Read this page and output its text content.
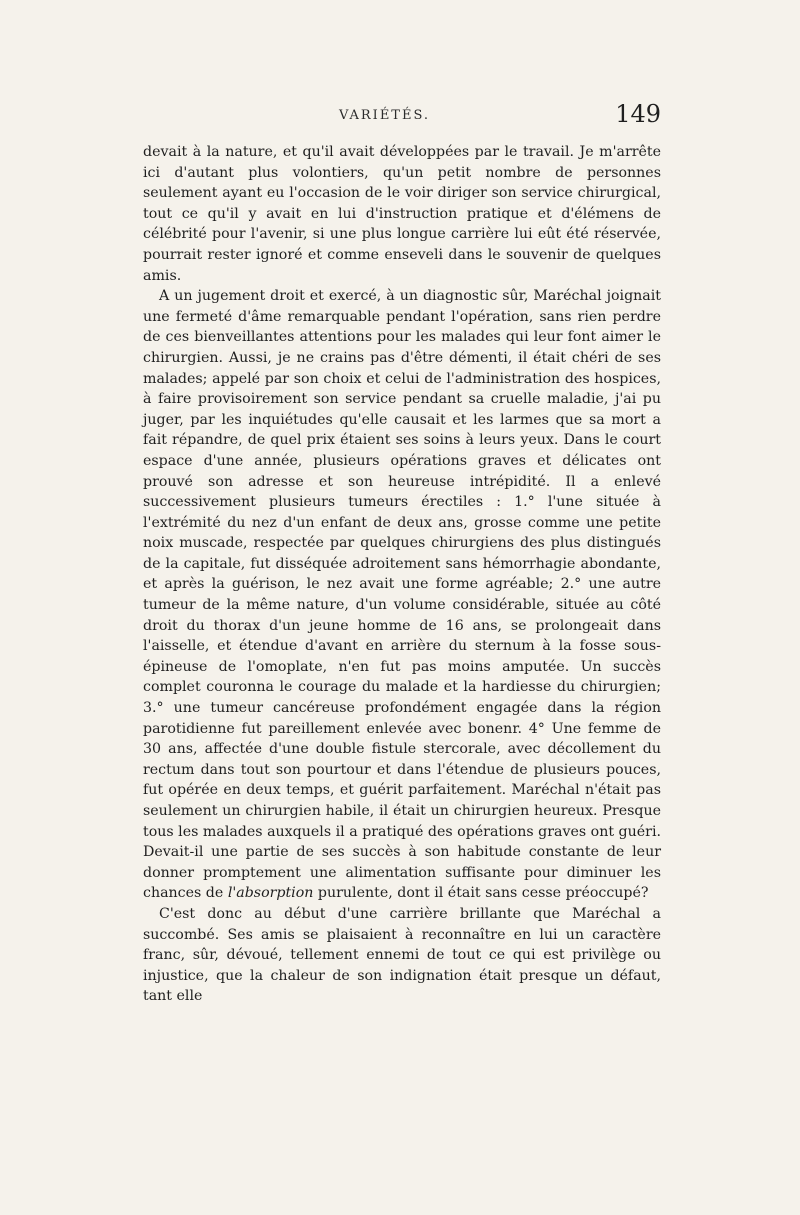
VARIÉTÉS.	149

devait à la nature, et qu'il avait développées par le travail. Je m'arrête ici d'autant plus volontiers, qu'un petit nombre de personnes seulement ayant eu l'occasion de le voir diriger son service chirurgical, tout ce qu'il y avait en lui d'instruction pratique et d'élémens de célébrité pour l'avenir, si une plus longue carrière lui eût été réservée, pourrait rester ignoré et comme enseveli dans le souvenir de quelques amis.

A un jugement droit et exercé, à un diagnostic sûr, Maréchal joignait une fermeté d'âme remarquable pendant l'opération, sans rien perdre de ces bienveillantes attentions pour les malades qui leur font aimer le chirurgien. Aussi, je ne crains pas d'être démenti, il était chéri de ses malades; appelé par son choix et celui de l'administration des hospices, à faire provisoirement son service pendant sa cruelle maladie, j'ai pu juger, par les inquiétudes qu'elle causait et les larmes que sa mort a fait répandre, de quel prix étaient ses soins à leurs yeux. Dans le court espace d'une année, plusieurs opérations graves et délicates ont prouvé son adresse et son heureuse intrépidité. Il a enlevé successivement plusieurs tumeurs érectiles : 1.° l'une située à l'extrémité du nez d'un enfant de deux ans, grosse comme une petite noix muscade, respectée par quelques chirurgiens des plus distingués de la capitale, fut disséquée adroitement sans hémorrhagie abondante, et après la guérison, le nez avait une forme agréable; 2.° une autre tumeur de la même nature, d'un volume considérable, située au côté droit du thorax d'un jeune homme de 16 ans, se prolongeait dans l'aisselle, et étendue d'avant en arrière du sternum à la fosse sous-épineuse de l'omoplate, n'en fut pas moins amputée. Un succès complet couronna le courage du malade et la hardiesse du chirurgien; 3.° une tumeur cancéreuse profondément engagée dans la région parotidienne fut pareillement enlevée avec bonenr. 4° Une femme de 30 ans, affectée d'une double fistule stercorale, avec décollement du rectum dans tout son pourtour et dans l'étendue de plusieurs pouces, fut opérée en deux temps, et guérit parfaitement. Maréchal n'était pas seulement un chirurgien habile, il était un chirurgien heureux. Presque tous les malades auxquels il a pratiqué des opérations graves ont guéri. Devait-il une partie de ses succès à son habitude constante de leur donner promptement une alimentation suffisante pour diminuer les chances de l'absorption purulente, dont il était sans cesse préoccupé?

C'est donc au début d'une carrière brillante que Maréchal a succombé. Ses amis se plaisaient à reconnaître en lui un caractère franc, sûr, dévoué, tellement ennemi de tout ce qui est privilège ou injustice, que la chaleur de son indignation était presque un défaut, tant elle
